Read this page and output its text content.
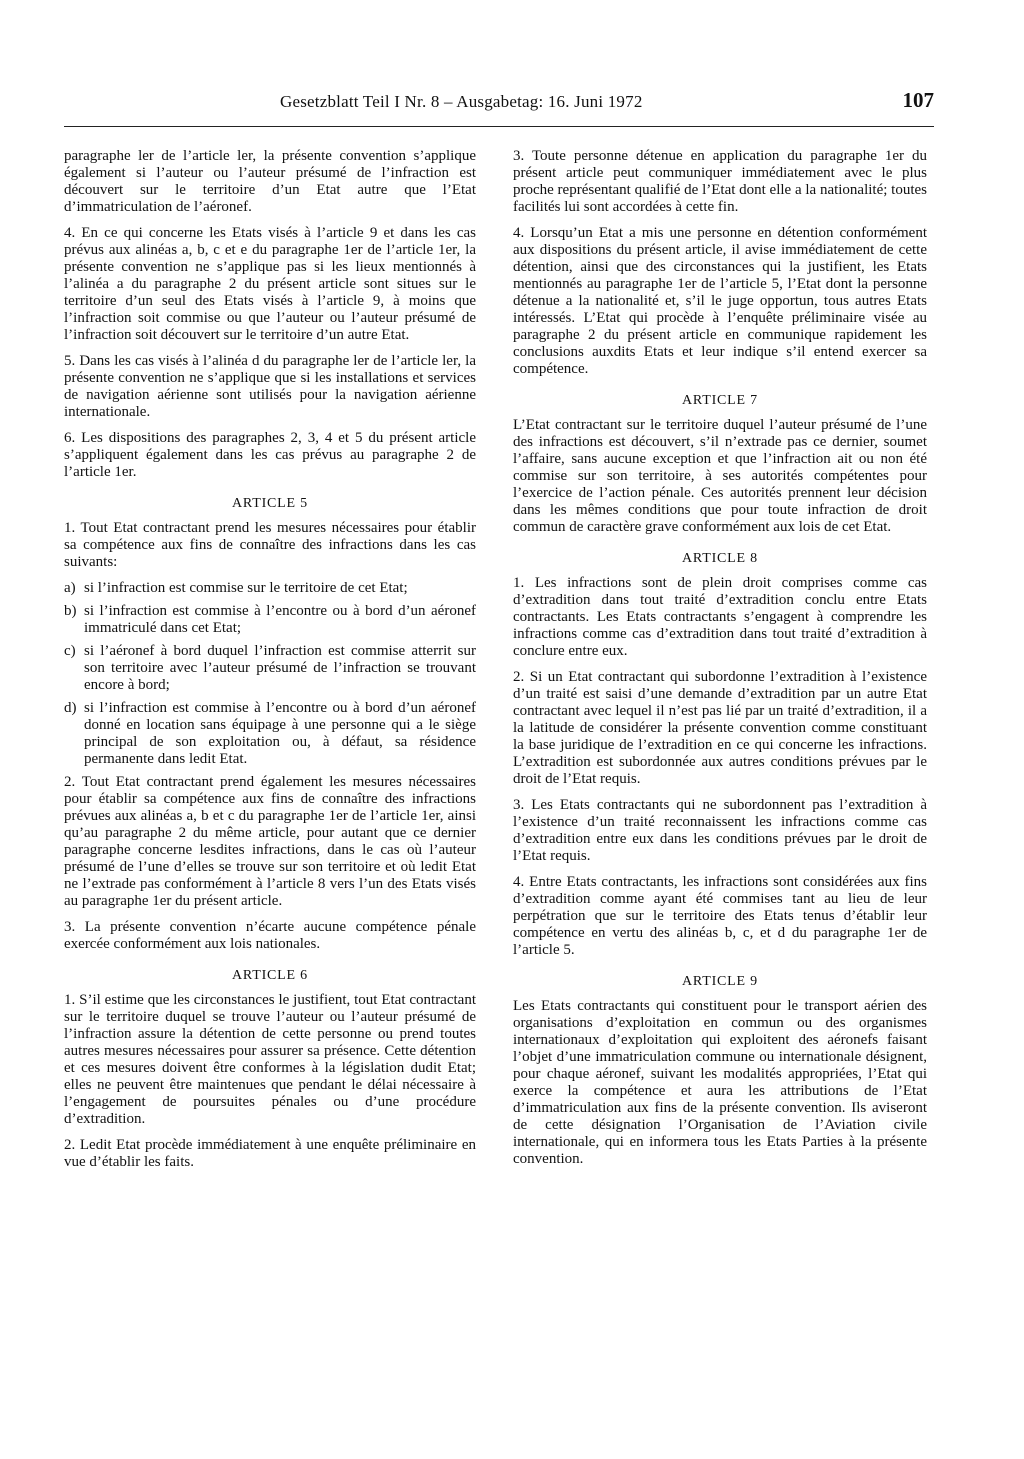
Gesetzblatt Teil I Nr. 8 – Ausgabetag: 16. Juni 1972	107

paragraphe ler de l’article ler, la présente convention s’applique également si l’auteur ou l’auteur présumé de l’infraction est découvert sur le territoire d’un Etat autre que l’Etat d’immatriculation de l’aéronef.

4. En ce qui concerne les Etats visés à l’article 9 et dans les cas prévus aux alinéas a, b, c et e du paragraphe 1er de l’article 1er, la présente convention ne s’applique pas si les lieux mentionnés à l’alinéa a du paragraphe 2 du présent article sont situes sur le territoire d’un seul des Etats visés à l’article 9, à moins que l’infraction soit commise ou que l’auteur ou l’auteur présumé de l’infraction soit découvert sur le territoire d’un autre Etat.

5. Dans les cas visés à l’alinéa d du paragraphe ler de l’article ler, la présente convention ne s’applique que si les installations et services de navigation aérienne sont utilisés pour la navigation aérienne internationale.

6. Les dispositions des paragraphes 2, 3, 4 et 5 du présent article s’appliquent également dans les cas prévus au paragraphe 2 de l’article 1er.

ARTICLE 5

1. Tout Etat contractant prend les mesures nécessaires pour établir sa compétence aux fins de connaître des infractions dans les cas suivants:

a) si l’infraction est commise sur le territoire de cet Etat;
b) si l’infraction est commise à l’encontre ou à bord d’un aéronef immatriculé dans cet Etat;
c) si l’aéronef à bord duquel l’infraction est commise atterrit sur son territoire avec l’auteur présumé de l’infraction se trouvant encore à bord;
d) si l’infraction est commise à l’encontre ou à bord d’un aéronef donné en location sans équipage à une personne qui a le siège principal de son exploitation ou, à défaut, sa résidence permanente dans ledit Etat.

2. Tout Etat contractant prend également les mesures nécessaires pour établir sa compétence aux fins de connaître des infractions prévues aux alinéas a, b et c du paragraphe 1er de l’article 1er, ainsi qu’au paragraphe 2 du même article, pour autant que ce dernier paragraphe concerne lesdites infractions, dans le cas où l’auteur présumé de l’une d’elles se trouve sur son territoire et où ledit Etat ne l’extrade pas conformément à l’article 8 vers l’un des Etats visés au paragraphe 1er du présent article.

3. La présente convention n’écarte aucune compétence pénale exercée conformément aux lois nationales.

ARTICLE 6

1. S’il estime que les circonstances le justifient, tout Etat contractant sur le territoire duquel se trouve l’auteur ou l’auteur présumé de l’infraction assure la détention de cette personne ou prend toutes autres mesures nécessaires pour assurer sa présence. Cette détention et ces mesures doivent être conformes à la législation dudit Etat; elles ne peuvent être maintenues que pendant le délai nécessaire à l’engagement de poursuites pénales ou d’une procédure d’extradition.

2. Ledit Etat procède immédiatement à une enquête préliminaire en vue d’établir les faits.

3. Toute personne détenue en application du paragraphe 1er du présent article peut communiquer immédiatement avec le plus proche représentant qualifié de l’Etat dont elle a la nationalité; toutes facilités lui sont accordées à cette fin.

4. Lorsqu’un Etat a mis une personne en détention conformément aux dispositions du présent article, il avise immédiatement de cette détention, ainsi que des circonstances qui la justifient, les Etats mentionnés au paragraphe 1er de l’article 5, l’Etat dont la personne détenue a la nationalité et, s’il le juge opportun, tous autres Etats intéressés. L’Etat qui procède à l’enquête préliminaire visée au paragraphe 2 du présent article en communique rapidement les conclusions auxdits Etats et leur indique s’il entend exercer sa compétence.

ARTICLE 7

L’Etat contractant sur le territoire duquel l’auteur présumé de l’une des infractions est découvert, s’il n’extrade pas ce dernier, soumet l’affaire, sans aucune exception et que l’infraction ait ou non été commise sur son territoire, à ses autorités compétentes pour l’exercice de l’action pénale. Ces autorités prennent leur décision dans les mêmes conditions que pour toute infraction de droit commun de caractère grave conformément aux lois de cet Etat.

ARTICLE 8

1. Les infractions sont de plein droit comprises comme cas d’extradition dans tout traité d’extradition conclu entre Etats contractants. Les Etats contractants s’engagent à comprendre les infractions comme cas d’extradition dans tout traité d’extradition à conclure entre eux.

2. Si un Etat contractant qui subordonne l’extradition à l’existence d’un traité est saisi d’une demande d’extradition par un autre Etat contractant avec lequel il n’est pas lié par un traité d’extradition, il a la latitude de considérer la présente convention comme constituant la base juridique de l’extradition en ce qui concerne les infractions. L’extradition est subordonnée aux autres conditions prévues par le droit de l’Etat requis.

3. Les Etats contractants qui ne subordonnent pas l’extradition à l’existence d’un traité reconnaissent les infractions comme cas d’extradition entre eux dans les conditions prévues par le droit de l’Etat requis.

4. Entre Etats contractants, les infractions sont considérées aux fins d’extradition comme ayant été commises tant au lieu de leur perpétration que sur le territoire des Etats tenus d’établir leur compétence en vertu des alinéas b, c, et d du paragraphe 1er de l’article 5.

ARTICLE 9

Les Etats contractants qui constituent pour le transport aérien des organisations d’exploitation en commun ou des organismes internationaux d’exploitation qui exploitent des aéronefs faisant l’objet d’une immatriculation commune ou internationale désignent, pour chaque aéronef, suivant les modalités appropriées, l’Etat qui exerce la compétence et aura les attributions de l’Etat d’immatriculation aux fins de la présente convention. Ils aviseront de cette désignation l’Organisation de l’Aviation civile internationale, qui en informera tous les Etats Parties à la présente convention.
